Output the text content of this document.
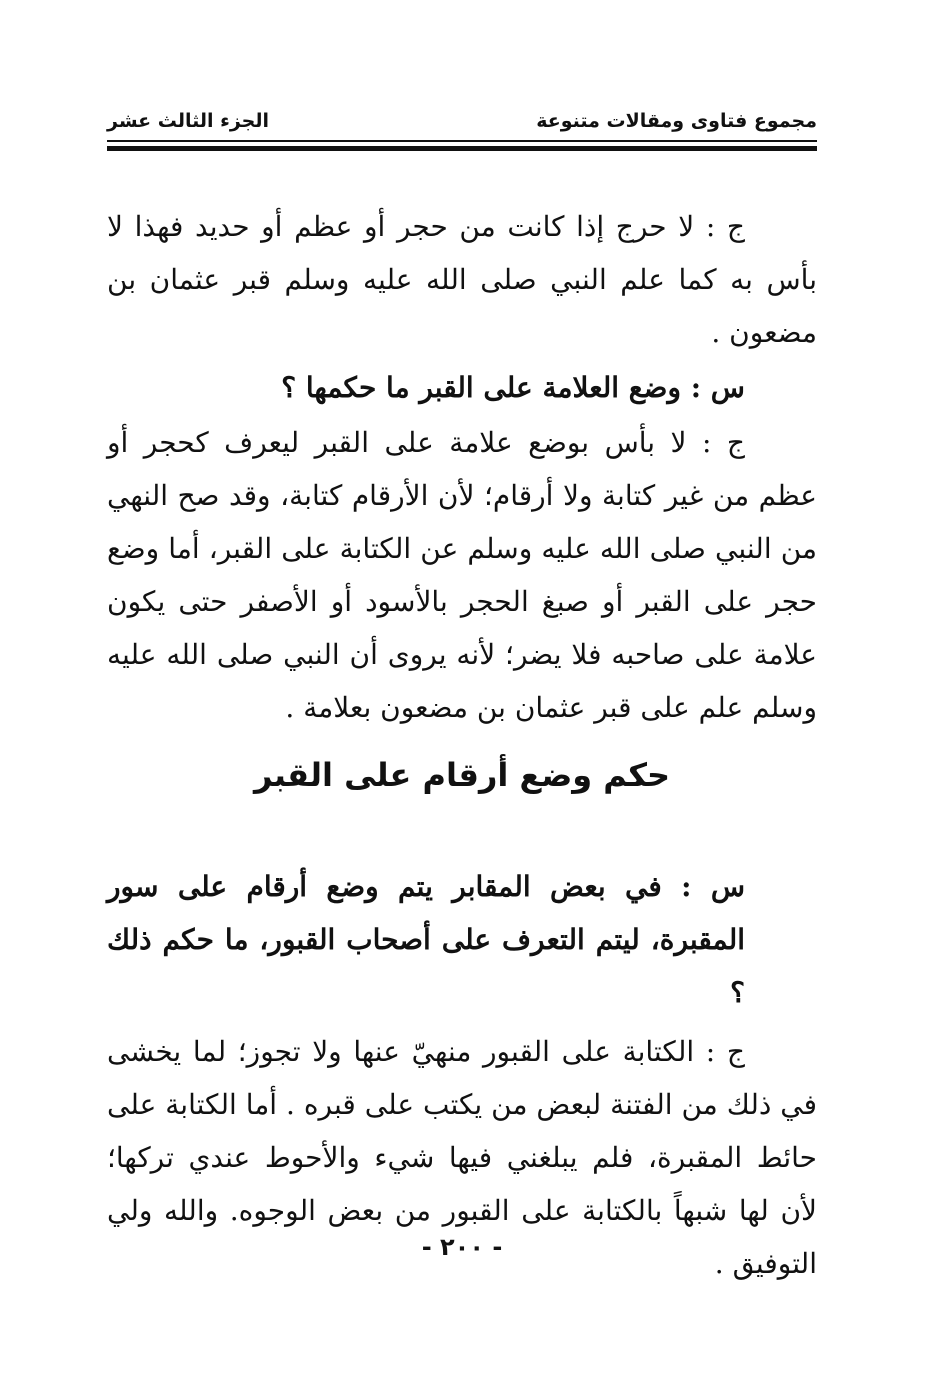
مجموع فتاوى ومقالات متنوعة
الجزء الثالث عشر

ج : لا حرج إذا كانت من حجر أو عظم أو حديد فهذا لا بأس به كما علم النبي صلى الله عليه وسلم قبر عثمان بن مضعون .

س : وضع العلامة على القبر ما حكمها ؟

ج : لا بأس بوضع علامة على القبر ليعرف كحجر أو عظم من غير كتابة ولا أرقام؛ لأن الأرقام كتابة، وقد صح النهي من النبي صلى الله عليه وسلم عن الكتابة على القبر، أما وضع حجر على القبر أو صبغ الحجر بالأسود أو الأصفر حتى يكون علامة على صاحبه فلا يضر؛ لأنه يروى أن النبي صلى الله عليه وسلم علم على قبر عثمان بن مضعون بعلامة .

حكم وضع أرقام على القبر

س : في بعض المقابر يتم وضع أرقام على سور المقبرة، ليتم التعرف على أصحاب القبور، ما حكم ذلك ؟

ج : الكتابة على القبور منهيّ عنها ولا تجوز؛ لما يخشى في ذلك من الفتنة لبعض من يكتب على قبره . أما الكتابة على حائط المقبرة، فلم يبلغني فيها شيء والأحوط عندي تركها؛ لأن لها شبهاً بالكتابة على القبور من بعض الوجوه. والله ولي التوفيق .

- ٢٠٠ -
